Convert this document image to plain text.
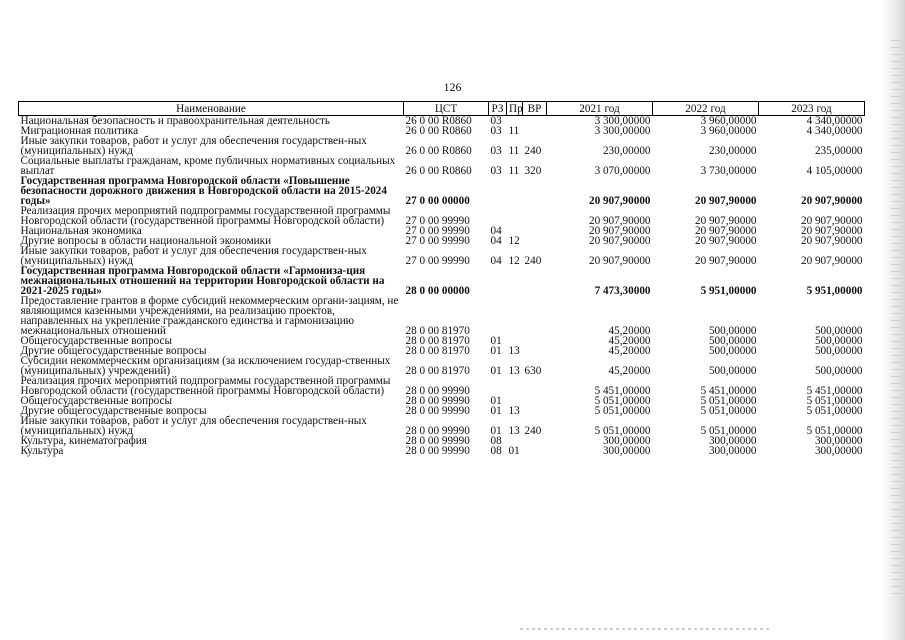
126
Наименование	ЦСТ	РЗ	Пр	ВР	2021 год	2022 год	2023 год
Национальная безопасность и правоохранительная деятельность	26 0 00 R0860	03			3 300,00000	3 960,00000	4 340,00000
Миграционная политика	26 0 00 R0860	03	11		3 300,00000	3 960,00000	4 340,00000
Иные закупки товаров, работ и услуг для обеспечения государствен-ных (муниципальных) нужд	26 0 00 R0860	03	11	240	230,00000	230,00000	235,00000
Социальные выплаты гражданам, кроме публичных нормативных социальных выплат	26 0 00 R0860	03	11	320	3 070,00000	3 730,00000	4 105,00000
Государственная программа Новгородской области «Повышение безопасности дорожного движения в Новгородской области на 2015-2024 годы»	27 0 00 00000				20 907,90000	20 907,90000	20 907,90000
Реализация прочих мероприятий подпрограммы государственной программы Новгородской области (государственной программы Новгородской области)	27 0 00 99990				20 907,90000	20 907,90000	20 907,90000
Национальная экономика	27 0 00 99990	04			20 907,90000	20 907,90000	20 907,90000
Другие вопросы в области национальной экономики	27 0 00 99990	04	12		20 907,90000	20 907,90000	20 907,90000
Иные закупки товаров, работ и услуг для обеспечения государствен-ных (муниципальных) нужд	27 0 00 99990	04	12	240	20 907,90000	20 907,90000	20 907,90000
Государственная программа Новгородской области «Гармониза-ция межнациональных отношений на территории Новгородской области на 2021-2025 годы»	28 0 00 00000				7 473,30000	5 951,00000	5 951,00000
Предоставление грантов в форме субсидий некоммерческим органи-зациям, не являющимся казенными учреждениями, на реализацию проектов, направленных на укрепление гражданского единства и гармонизацию межнациональных отношений	28 0 00 81970				45,20000	500,00000	500,00000
Общегосударственные вопросы	28 0 00 81970	01			45,20000	500,00000	500,00000
Другие общегосударственные вопросы	28 0 00 81970	01	13		45,20000	500,00000	500,00000
Субсидии некоммерческим организациям (за исключением государ-ственных (муниципальных) учреждений)	28 0 00 81970	01	13	630	45,20000	500,00000	500,00000
Реализация прочих мероприятий подпрограммы государственной программы Новгородской области (государственной программы Новгородской области)	28 0 00 99990				5 451,00000	5 451,00000	5 451,00000
Общегосударственные вопросы	28 0 00 99990	01			5 051,00000	5 051,00000	5 051,00000
Другие общегосударственные вопросы	28 0 00 99990	01	13		5 051,00000	5 051,00000	5 051,00000
Иные закупки товаров, работ и услуг для обеспечения государствен-ных (муниципальных) нужд	28 0 00 99990	01	13	240	5 051,00000	5 051,00000	5 051,00000
Культура, кинематография	28 0 00 99990	08			300,00000	300,00000	300,00000
Культура	28 0 00 99990	08	01		300,00000	300,00000	300,00000
